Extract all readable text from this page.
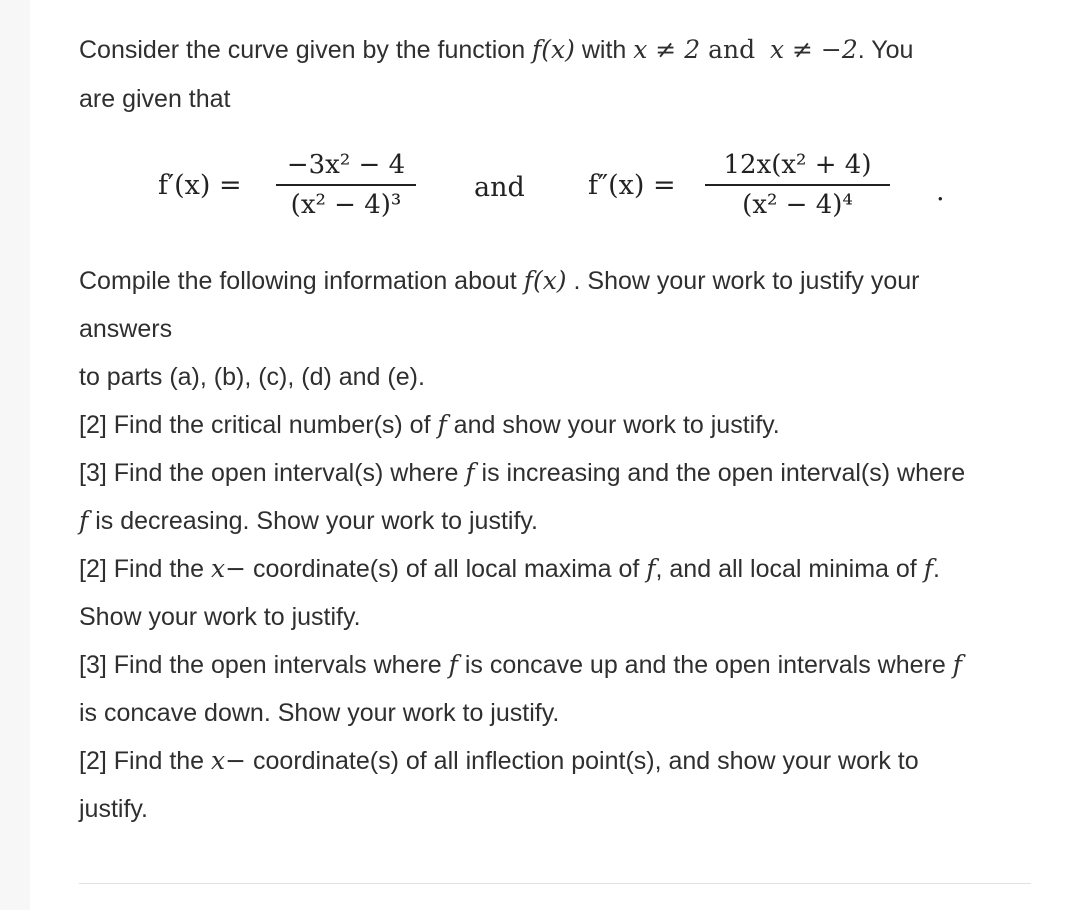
Consider the curve given by the function f(x) with x ≠ 2 and  x ≠ −2. You
are given that
f′(x) =
−3x² − 4
(x² − 4)³
and f″(x) =
12x(x² + 4)
(x² − 4)⁴	.
Compile the following information about f(x) . Show your work to justify your
answers
to parts (a), (b), (c), (d) and (e).
[2] Find the critical number(s) of f and show your work to justify.
[3] Find the open interval(s) where f is increasing and the open interval(s) where
f is decreasing. Show your work to justify.
[2] Find the x− coordinate(s) of all local maxima of f, and all local minima of f.
Show your work to justify.
[3] Find the open intervals where f is concave up and the open intervals where f
is concave down. Show your work to justify.
[2] Find the x− coordinate(s) of all inflection point(s), and show your work to
justify.
